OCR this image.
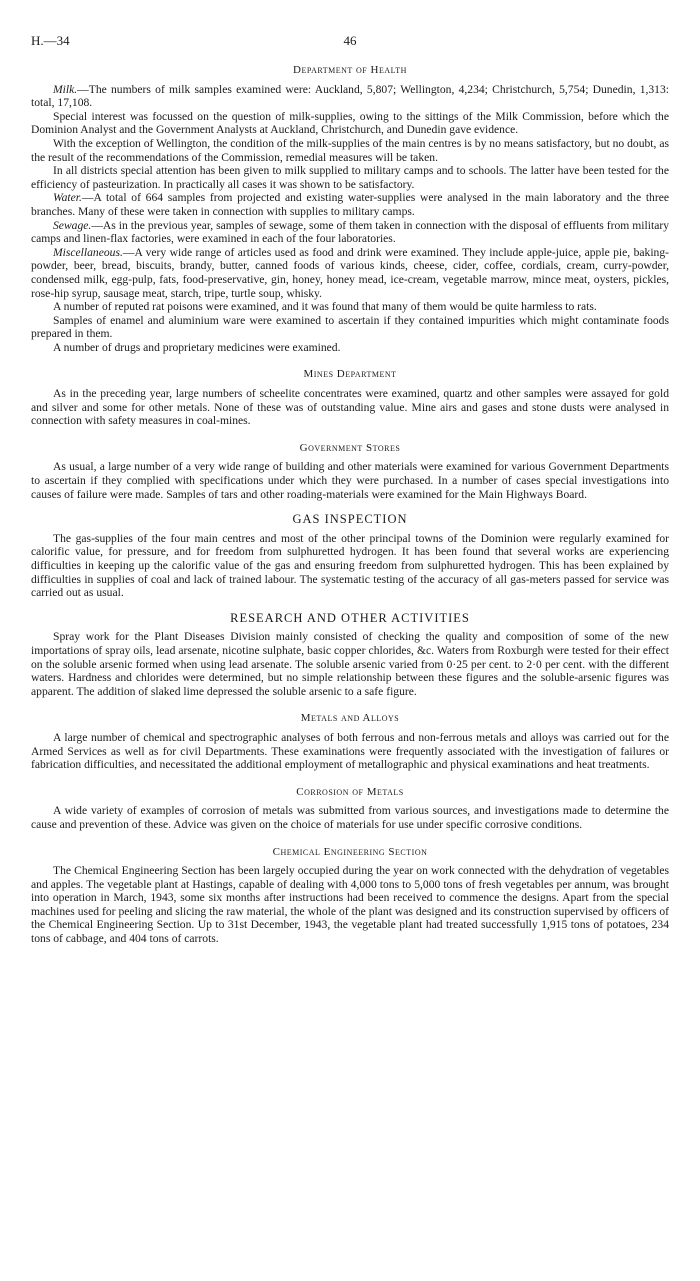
H.—34	46
Department of Health

Milk.—The numbers of milk samples examined were: Auckland, 5,807; Wellington, 4,234; Christchurch, 5,754; Dunedin, 1,313: total, 17,108.

Special interest was focussed on the question of milk-supplies, owing to the sittings of the Milk Commission, before which the Dominion Analyst and the Government Analysts at Auckland, Christchurch, and Dunedin gave evidence.

With the exception of Wellington, the condition of the milk-supplies of the main centres is by no means satisfactory, but no doubt, as the result of the recommendations of the Commission, remedial measures will be taken.

In all districts special attention has been given to milk supplied to military camps and to schools. The latter have been tested for the efficiency of pasteurization. In practically all cases it was shown to be satisfactory.

Water.—A total of 664 samples from projected and existing water-supplies were analysed in the main laboratory and the three branches. Many of these were taken in connection with supplies to military camps.

Sewage.—As in the previous year, samples of sewage, some of them taken in connection with the disposal of effluents from military camps and linen-flax factories, were examined in each of the four laboratories.

Miscellaneous.—A very wide range of articles used as food and drink were examined. They include apple-juice, apple pie, baking-powder, beer, bread, biscuits, brandy, butter, canned foods of various kinds, cheese, cider, coffee, cordials, cream, curry-powder, condensed milk, egg-pulp, fats, food-preservative, gin, honey, honey mead, ice-cream, vegetable marrow, mince meat, oysters, pickles, rose-hip syrup, sausage meat, starch, tripe, turtle soup, whisky.

A number of reputed rat poisons were examined, and it was found that many of them would be quite harmless to rats.

Samples of enamel and aluminium ware were examined to ascertain if they contained impurities which might contaminate foods prepared in them.

A number of drugs and proprietary medicines were examined.

Mines Department

As in the preceding year, large numbers of scheelite concentrates were examined, quartz and other samples were assayed for gold and silver and some for other metals. None of these was of outstanding value. Mine airs and gases and stone dusts were analysed in connection with safety measures in coal-mines.

Government Stores

As usual, a large number of a very wide range of building and other materials were examined for various Government Departments to ascertain if they complied with specifications under which they were purchased. In a number of cases special investigations into causes of failure were made. Samples of tars and other roading-materials were examined for the Main Highways Board.

GAS INSPECTION

The gas-supplies of the four main centres and most of the other principal towns of the Dominion were regularly examined for calorific value, for pressure, and for freedom from sulphuretted hydrogen. It has been found that several works are experiencing difficulties in keeping up the calorific value of the gas and ensuring freedom from sulphuretted hydrogen. This has been explained by difficulties in supplies of coal and lack of trained labour. The systematic testing of the accuracy of all gas-meters passed for service was carried out as usual.

RESEARCH AND OTHER ACTIVITIES

Spray work for the Plant Diseases Division mainly consisted of checking the quality and composition of some of the new importations of spray oils, lead arsenate, nicotine sulphate, basic copper chlorides, &c. Waters from Roxburgh were tested for their effect on the soluble arsenic formed when using lead arsenate. The soluble arsenic varied from 0·25 per cent. to 2·0 per cent. with the different waters. Hardness and chlorides were determined, but no simple relationship between these figures and the soluble-arsenic figures was apparent. The addition of slaked lime depressed the soluble arsenic to a safe figure.

Metals and Alloys

A large number of chemical and spectrographic analyses of both ferrous and non-ferrous metals and alloys was carried out for the Armed Services as well as for civil Departments. These examinations were frequently associated with the investigation of failures or fabrication difficulties, and necessitated the additional employment of metallographic and physical examinations and heat treatments.

Corrosion of Metals

A wide variety of examples of corrosion of metals was submitted from various sources, and investigations made to determine the cause and prevention of these. Advice was given on the choice of materials for use under specific corrosive conditions.

Chemical Engineering Section

The Chemical Engineering Section has been largely occupied during the year on work connected with the dehydration of vegetables and apples. The vegetable plant at Hastings, capable of dealing with 4,000 tons to 5,000 tons of fresh vegetables per annum, was brought into operation in March, 1943, some six months after instructions had been received to commence the designs. Apart from the special machines used for peeling and slicing the raw material, the whole of the plant was designed and its construction supervised by officers of the Chemical Engineering Section. Up to 31st December, 1943, the vegetable plant had treated successfully 1,915 tons of potatoes, 234 tons of cabbage, and 404 tons of carrots.
